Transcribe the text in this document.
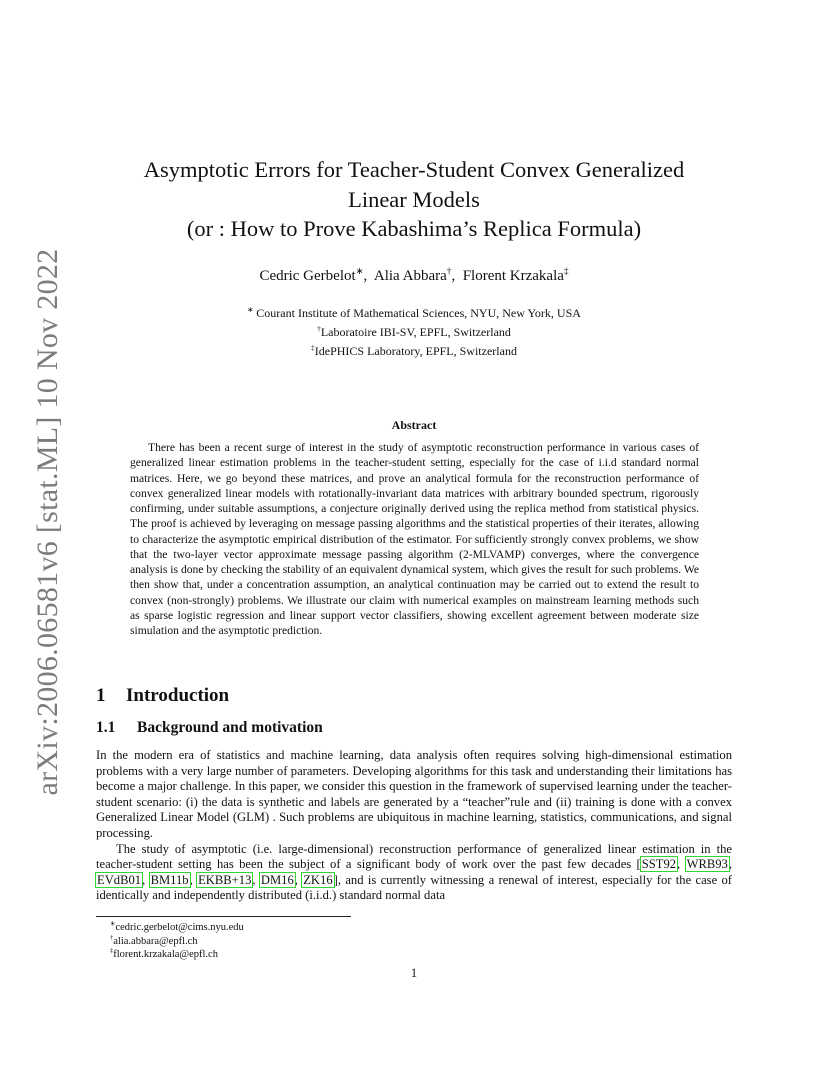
arXiv:2006.06581v6 [stat.ML] 10 Nov 2022
Asymptotic Errors for Teacher-Student Convex Generalized
Linear Models
(or : How to Prove Kabashima’s Replica Formula)
Cedric Gerbelot∗,  Alia Abbara†,  Florent Krzakala‡
∗ Courant Institute of Mathematical Sciences, NYU, New York, USA
†Laboratoire IBI-SV, EPFL, Switzerland
‡IdePHICS Laboratory, EPFL, Switzerland
Abstract
There has been a recent surge of interest in the study of asymptotic reconstruction performance in various cases of generalized linear estimation problems in the teacher-student setting, especially for the case of i.i.d standard normal matrices. Here, we go beyond these matrices, and prove an analytical formula for the reconstruction performance of convex generalized linear models with rotationally-invariant data matrices with arbitrary bounded spectrum, rigorously confirming, under suitable assumptions, a conjecture originally derived using the replica method from statistical physics. The proof is achieved by leveraging on message passing algorithms and the statistical properties of their iterates, allowing to characterize the asymptotic empirical distribution of the estimator. For sufficiently strongly convex problems, we show that the two-layer vector approximate message passing algorithm (2-MLVAMP) converges, where the convergence analysis is done by checking the stability of an equivalent dynamical system, which gives the result for such problems. We then show that, under a concentration assumption, an analytical continuation may be carried out to extend the result to convex (non-strongly) problems. We illustrate our claim with numerical examples on mainstream learning methods such as sparse logistic regression and linear support vector classifiers, showing excellent agreement between moderate size simulation and the asymptotic prediction.
1 Introduction
1.1 Background and motivation

In the modern era of statistics and machine learning, data analysis often requires solving high-dimensional estimation problems with a very large number of parameters. Developing algorithms for this task and understanding their limitations has become a major challenge. In this paper, we consider this question in the framework of supervised learning under the teacher-student scenario: (i) the data is synthetic and labels are generated by a “teacher”rule and (ii) training is done with a convex Generalized Linear Model (GLM) . Such problems are ubiquitous in machine learning, statistics, communications, and signal processing.

The study of asymptotic (i.e. large-dimensional) reconstruction performance of generalized linear estimation in the teacher-student setting has been the subject of a significant body of work over the past few decades [SST92, WRB93, EVdB01, BM11b, EKBB+13, DM16, ZK16], and is currently witnessing a renewal of interest, especially for the case of identically and independently distributed (i.i.d.) standard normal data

∗cedric.gerbelot@cims.nyu.edu
†alia.abbara@epfl.ch
‡florent.krzakala@epfl.ch
1
